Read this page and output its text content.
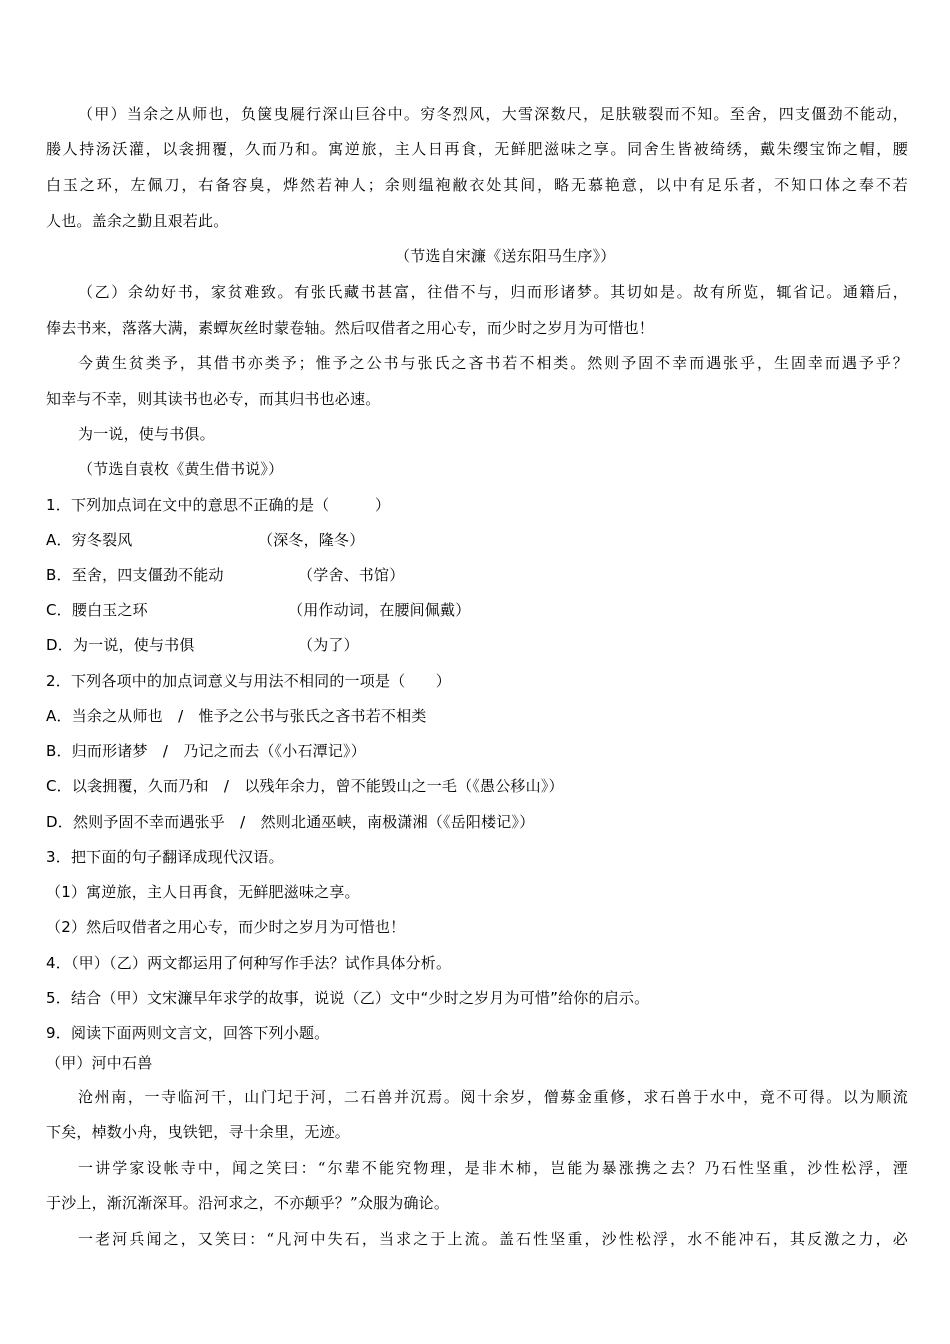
（甲）当余之从师也，负箧曳屣行深山巨谷中。穷冬烈风，大雪深数尺，足肤皲裂而不知。至舍，四支僵劲不能动，
媵人持汤沃灌，以衾拥覆，久而乃和。寓逆旅，主人日再食，无鲜肥滋味之享。同舍生皆被绮绣，戴朱缨宝饰之帽，腰
白玉之环，左佩刀，右备容臭，烨然若神人；余则缊袍敝衣处其间，略无慕艳意，以中有足乐者，不知口体之奉不若
人也。盖余之勤且艰若此。
（节选自宋濂《送东阳马生序》）
（乙）余幼好书，家贫难致。有张氏藏书甚富，往借不与，归而形诸梦。其切如是。故有所览，辄省记。通籍后，
俸去书来，落落大满，素蟫灰丝时蒙卷轴。然后叹借者之用心专，而少时之岁月为可惜也！
今黄生贫类予，其借书亦类予；惟予之公书与张氏之吝书若不相类。然则予固不幸而遇张乎，生固幸而遇予乎？
知幸与不幸，则其读书也必专，而其归书也必速。
为一说，使与书俱。
（节选自袁枚《黄生借书说》）
1．下列加点词在文中的意思不正确的是（　　　）
A．穷冬裂风	（深冬，隆冬）
B．至舍，四支僵劲不能动	（学舍、书馆）
C．腰白玉之环	（用作动词，在腰间佩戴）
D．为一说，使与书俱	（为了）
2．下列各项中的加点词意义与用法不相同的一项是（　　）
A．当余之从师也　/　惟予之公书与张氏之吝书若不相类
B．归而形诸梦　/　乃记之而去（《小石潭记》）
C．以衾拥覆，久而乃和　/　以残年余力，曾不能毁山之一毛（《愚公移山》）
D．然则予固不幸而遇张乎　/　然则北通巫峡，南极潇湘（《岳阳楼记》）
3．把下面的句子翻译成现代汉语。
（1）寓逆旅，主人日再食，无鲜肥滋味之享。
（2）然后叹借者之用心专，而少时之岁月为可惜也！
4．（甲）（乙）两文都运用了何种写作手法？试作具体分析。
5．结合（甲）文宋濂早年求学的故事，说说（乙）文中“少时之岁月为可惜”给你的启示。
9．阅读下面两则文言文，回答下列小题。
（甲）河中石兽
沧州南，一寺临河干，山门圮于河，二石兽并沉焉。阅十余岁，僧募金重修，求石兽于水中，竟不可得。以为顺流
下矣，棹数小舟，曳铁钯，寻十余里，无迹。
一讲学家设帐寺中，闻之笑曰：“尔辈不能究物理，是非木柿，岂能为暴涨携之去？乃石性坚重，沙性松浮，湮
于沙上，渐沉渐深耳。沿河求之，不亦颠乎？”众服为确论。
一老河兵闻之，又笑曰：“凡河中失石，当求之于上流。盖石性坚重，沙性松浮，水不能冲石，其反激之力，必
